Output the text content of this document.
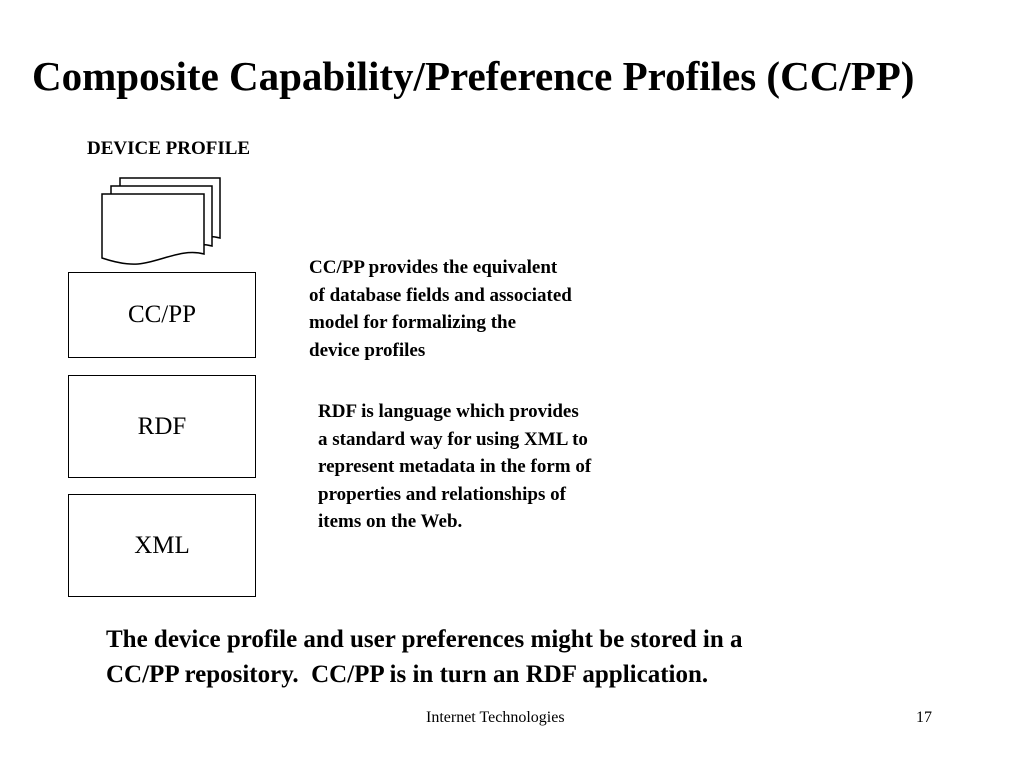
Composite Capability/Preference Profiles (CC/PP)
DEVICE PROFILE
CC/PP
RDF
XML
CC/PP provides the equivalent
of database fields and associated
model for formalizing the
device profiles
RDF is language which provides
a standard way for using XML to
represent metadata in the form of
properties and relationships of
items on the Web.
The device profile and user preferences might be stored in a
CC/PP repository.  CC/PP is in turn an RDF application.
Internet Technologies	17
